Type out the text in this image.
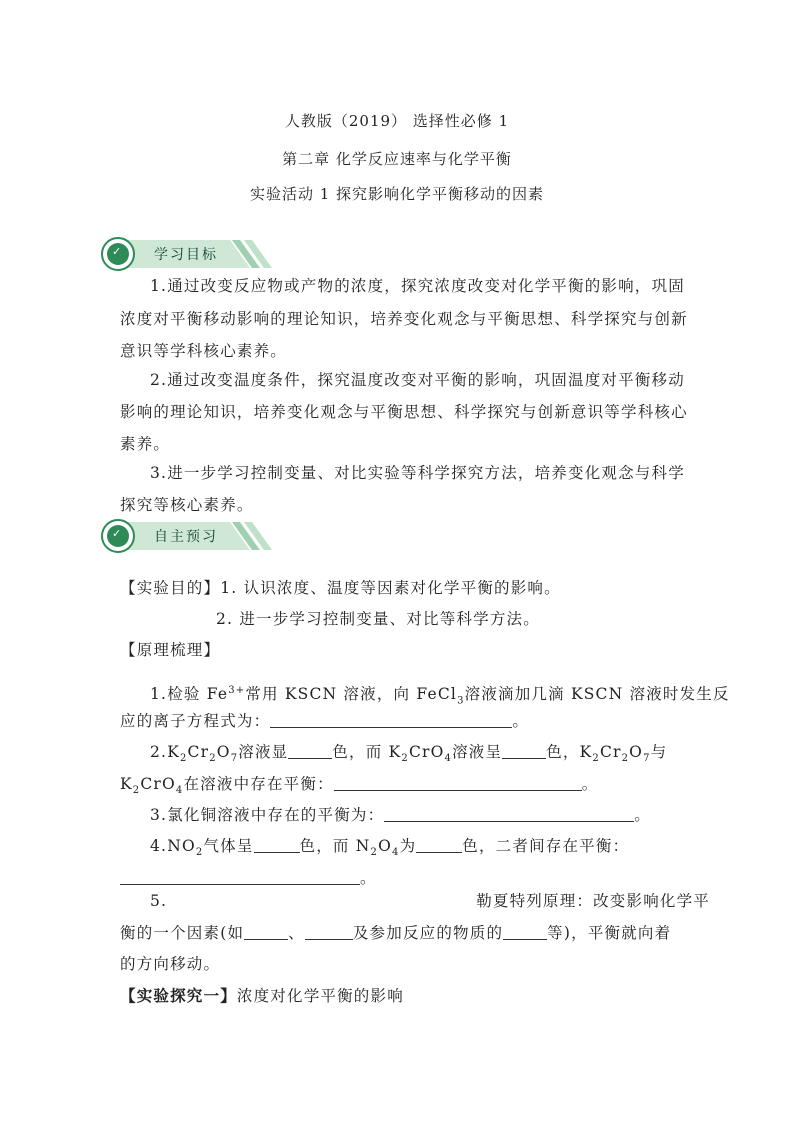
人教版（2019） 选择性必修 1
第二章 化学反应速率与化学平衡
实验活动 1 探究影响化学平衡移动的因素
✓ 学习目标
1.通过改变反应物或产物的浓度，探究浓度改变对化学平衡的影响，巩固
浓度对平衡移动影响的理论知识，培养变化观念与平衡思想、科学探究与创新
意识等学科核心素养。
2.通过改变温度条件，探究温度改变对平衡的影响，巩固温度对平衡移动
影响的理论知识，培养变化观念与平衡思想、科学探究与创新意识等学科核心
素养。
3.进一步学习控制变量、对比实验等科学探究方法，培养变化观念与科学
探究等核心素养。
✓ 自主预习
【实验目的】1. 认识浓度、温度等因素对化学平衡的影响。
2. 进一步学习控制变量、对比等科学方法。
【原理梳理】
1.检验 $Fe^{3+}$常用 KSCN 溶液，向 FeCl$_3$溶液滴加几滴 KSCN 溶液时发生反
应的离子方程式为：	。
$2.K_2Cr_2O_7$溶液显	色，而 $K_2CrO_4$溶液呈	色，$K_2Cr_2O_7$与
$K_2CrO_4$在溶液中存在平衡：	。
3.氯化铜溶液中存在的平衡为：	。
$4.NO_2$气体呈	色，而 $N_2O_4$为	色，二者间存在平衡：
。
5.	勒夏特列原理：改变影响化学平
衡的一个因素(如	、	及参加反应的物质的	等)，平衡就向着
的方向移动。
【实验探究一】浓度对化学平衡的影响
